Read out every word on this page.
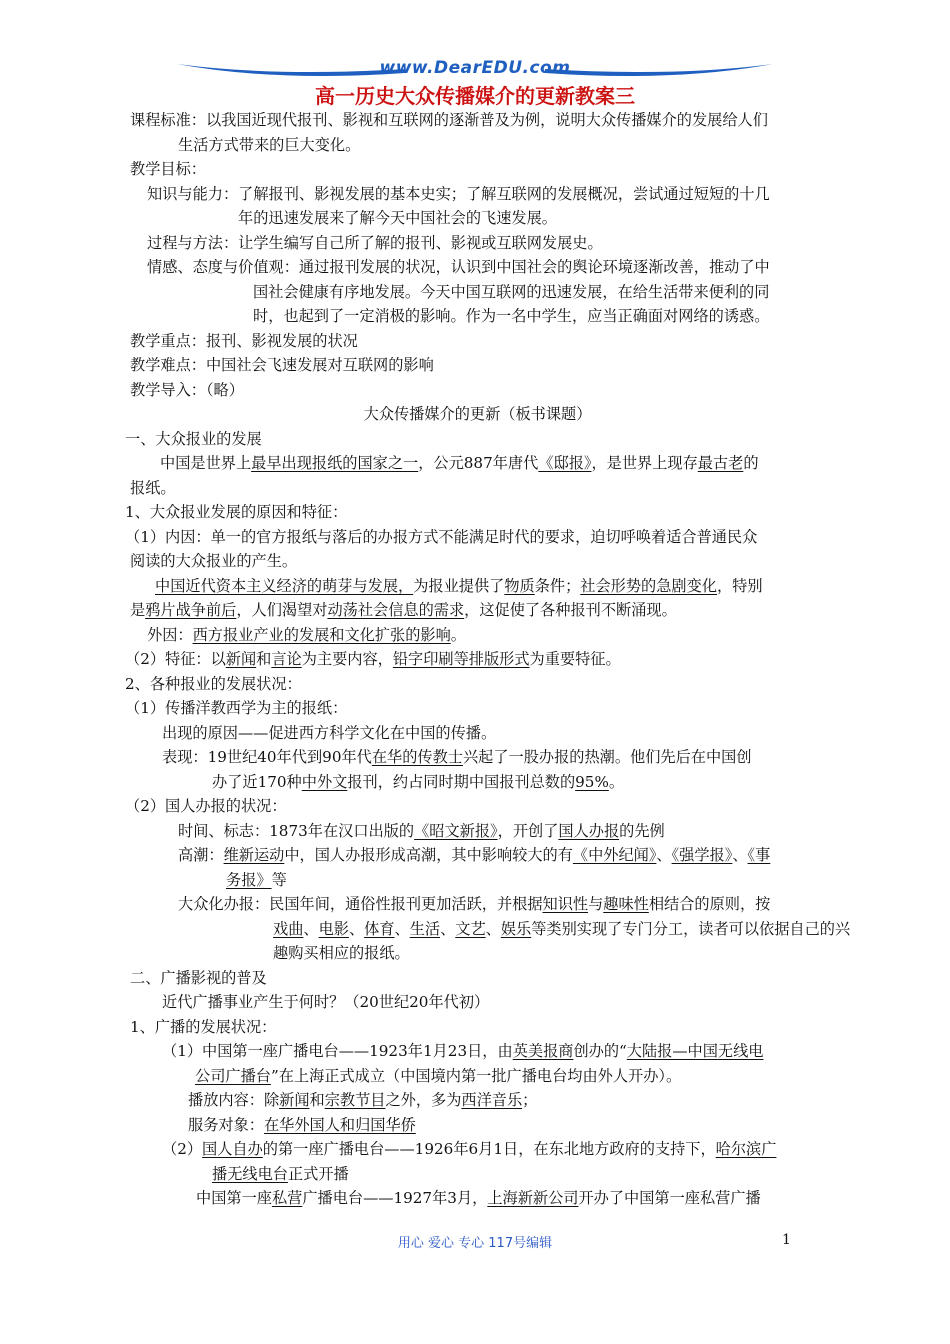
www.DearEDU.com
高一历史大众传播媒介的更新教案三
课程标准：以我国近现代报刊、影视和互联网的逐渐普及为例，说明大众传播媒介的发展给人们
生活方式带来的巨大变化。
教学目标：
知识与能力：了解报刊、影视发展的基本史实；了解互联网的发展概况，尝试通过短短的十几
年的迅速发展来了解今天中国社会的飞速发展。
过程与方法：让学生编写自己所了解的报刊、影视或互联网发展史。
情感、态度与价值观：通过报刊发展的状况，认识到中国社会的舆论环境逐渐改善，推动了中
国社会健康有序地发展。今天中国互联网的迅速发展，在给生活带来便利的同
时，也起到了一定消极的影响。作为一名中学生，应当正确面对网络的诱惑。
教学重点：报刊、影视发展的状况
教学难点：中国社会飞速发展对互联网的影响
教学导入：（略）
大众传播媒介的更新（板书课题）
一、大众报业的发展
中国是世界上最早出现报纸的国家之一，公元887年唐代《邸报》，是世界上现存最古老的
报纸。
1、大众报业发展的原因和特征：
（1）内因：单一的官方报纸与落后的办报方式不能满足时代的要求，迫切呼唤着适合普通民众
阅读的大众报业的产生。
中国近代资本主义经济的萌芽与发展，为报业提供了物质条件；社会形势的急剧变化，特别
是鸦片战争前后，人们渴望对动荡社会信息的需求，这促使了各种报刊不断涌现。
外因：西方报业产业的发展和文化扩张的影响。
（2）特征：以新闻和言论为主要内容，铅字印刷等排版形式为重要特征。
2、各种报业的发展状况：
（1）传播洋教西学为主的报纸：
出现的原因——促进西方科学文化在中国的传播。
表现：19世纪40年代到90年代在华的传教士兴起了一股办报的热潮。他们先后在中国创
办了近170种中外文报刊，约占同时期中国报刊总数的95%。
（2）国人办报的状况：
时间、标志：1873年在汉口出版的《昭文新报》，开创了国人办报的先例
高潮：维新运动中，国人办报形成高潮，其中影响较大的有《中外纪闻》、《强学报》、《事
务报》等
大众化办报：民国年间，通俗性报刊更加活跃，并根据知识性与趣味性相结合的原则，按
戏曲、电影、体育、生活、文艺、娱乐等类别实现了专门分工，读者可以依据自己的兴
趣购买相应的报纸。
二、广播影视的普及
近代广播事业产生于何时？（20世纪20年代初）
1、广播的发展状况：
（1）中国第一座广播电台——1923年1月23日，由英美报商创办的“大陆报—中国无线电
公司广播台”在上海正式成立（中国境内第一批广播电台均由外人开办）。
播放内容：除新闻和宗教节目之外，多为西洋音乐；
服务对象：在华外国人和归国华侨
（2）国人自办的第一座广播电台——1926年6月1日，在东北地方政府的支持下，哈尔滨广
播无线电台正式开播
中国第一座私营广播电台——1927年3月，上海新新公司开办了中国第一座私营广播
用心 爱心 专心 117号编辑	1
